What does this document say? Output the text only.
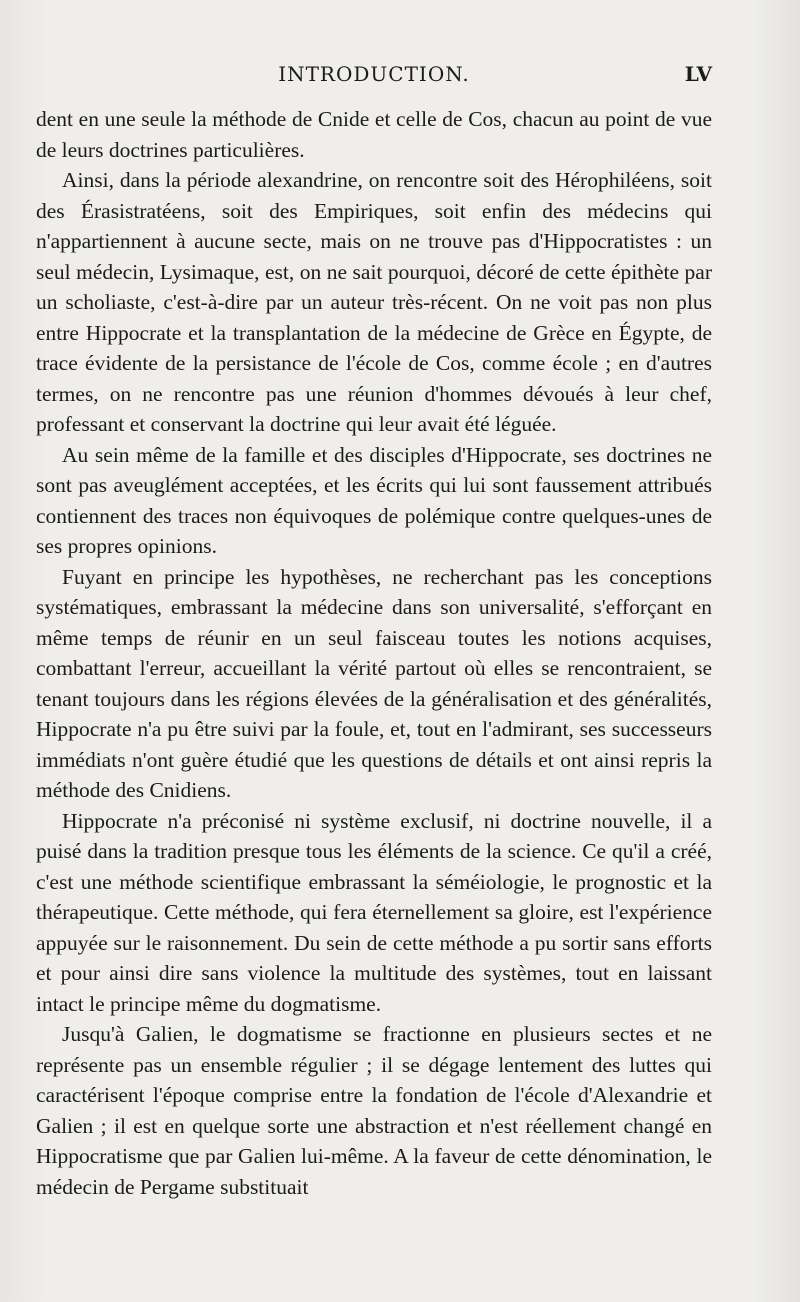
INTRODUCTION.	LV

dent en une seule la méthode de Cnide et celle de Cos, chacun au point de vue de leurs doctrines particulières.

Ainsi, dans la période alexandrine, on rencontre soit des Hérophiléens, soit des Érasistratéens, soit des Empiriques, soit enfin des médecins qui n'appartiennent à aucune secte, mais on ne trouve pas d'Hippocratistes : un seul médecin, Lysimaque, est, on ne sait pourquoi, décoré de cette épithète par un scholiaste, c'est-à-dire par un auteur très-récent. On ne voit pas non plus entre Hippocrate et la transplantation de la médecine de Grèce en Égypte, de trace évidente de la persistance de l'école de Cos, comme école ; en d'autres termes, on ne rencontre pas une réunion d'hommes dévoués à leur chef, professant et conservant la doctrine qui leur avait été léguée.

Au sein même de la famille et des disciples d'Hippocrate, ses doctrines ne sont pas aveuglément acceptées, et les écrits qui lui sont faussement attribués contiennent des traces non équivoques de polémique contre quelques-unes de ses propres opinions.

Fuyant en principe les hypothèses, ne recherchant pas les conceptions systématiques, embrassant la médecine dans son universalité, s'efforçant en même temps de réunir en un seul faisceau toutes les notions acquises, combattant l'erreur, accueillant la vérité partout où elles se rencontraient, se tenant toujours dans les régions élevées de la généralisation et des généralités, Hippocrate n'a pu être suivi par la foule, et, tout en l'admirant, ses successeurs immédiats n'ont guère étudié que les questions de détails et ont ainsi repris la méthode des Cnidiens.

Hippocrate n'a préconisé ni système exclusif, ni doctrine nouvelle, il a puisé dans la tradition presque tous les éléments de la science. Ce qu'il a créé, c'est une méthode scientifique embrassant la séméiologie, le prognostic et la thérapeutique. Cette méthode, qui fera éternellement sa gloire, est l'expérience appuyée sur le raisonnement. Du sein de cette méthode a pu sortir sans efforts et pour ainsi dire sans violence la multitude des systèmes, tout en laissant intact le principe même du dogmatisme.

Jusqu'à Galien, le dogmatisme se fractionne en plusieurs sectes et ne représente pas un ensemble régulier ; il se dégage lentement des luttes qui caractérisent l'époque comprise entre la fondation de l'école d'Alexandrie et Galien ; il est en quelque sorte une abstraction et n'est réellement changé en Hippocratisme que par Galien lui-même. A la faveur de cette dénomination, le médecin de Pergame substituait
